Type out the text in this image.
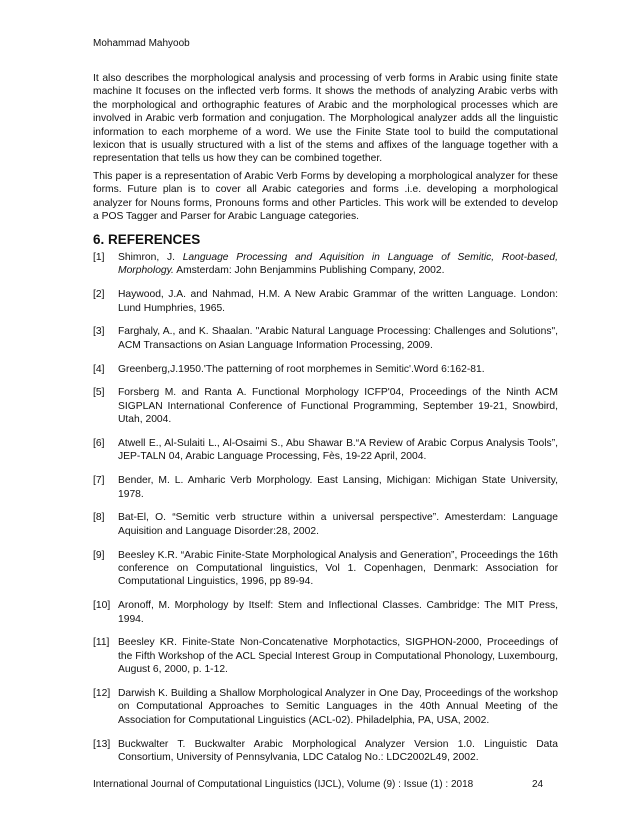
Mohammad Mahyoob
It also describes the morphological analysis and processing of verb forms in Arabic using finite state machine It focuses on the inflected verb forms. It shows the methods of analyzing Arabic verbs with the morphological and orthographic features of Arabic and the morphological processes which are involved in Arabic verb formation and conjugation. The Morphological analyzer adds all the linguistic information to each morpheme of a word. We use the Finite State tool to build the computational lexicon that is usually structured with a list of the stems and affixes of the language together with a representation that tells us how they can be combined together.
This paper is a representation of Arabic Verb Forms by developing a morphological analyzer for these forms. Future plan is to cover all Arabic categories and forms .i.e. developing a morphological analyzer for Nouns forms, Pronouns forms and other Particles. This work will be extended to develop a POS Tagger and Parser for Arabic Language categories.
6. REFERENCES
[1]	Shimron, J. Language Processing and Aquisition in Language of Semitic, Root-based, Morphology. Amsterdam: John Benjammins Publishing Company, 2002.
[2]	Haywood, J.A. and Nahmad, H.M. A New Arabic Grammar of the written Language. London: Lund Humphries, 1965.
[3]	Farghaly, A., and K. Shaalan. "Arabic Natural Language Processing: Challenges and Solutions", ACM Transactions on Asian Language Information Processing, 2009.
[4]	Greenberg,J.1950.'The patterning of root morphemes in Semitic'.Word 6:162-81.
[5]	Forsberg M. and Ranta A. Functional Morphology ICFP'04, Proceedings of the Ninth ACM SIGPLAN International Conference of Functional Programming, September 19-21, Snowbird, Utah, 2004.
[6]	Atwell E., Al-Sulaiti L., Al-Osaimi S., Abu Shawar B.“A Review of Arabic Corpus Analysis Tools”, JEP-TALN 04, Arabic Language Processing, Fès, 19-22 April, 2004.
[7]	Bender, M. L. Amharic Verb Morphology. East Lansing, Michigan: Michigan State University, 1978.
[8]	Bat-El, O. “Semitic verb structure within a universal perspective”. Amesterdam: Language Aquisition and Language Disorder:28, 2002.
[9]	Beesley K.R. “Arabic Finite-State Morphological Analysis and Generation”, Proceedings the 16th conference on Computational linguistics, Vol 1. Copenhagen, Denmark: Association for Computational Linguistics, 1996, pp 89-94.
[10] Aronoff, M. Morphology by Itself: Stem and Inflectional Classes. Cambridge: The MIT Press, 1994.
[11] Beesley KR. Finite-State Non-Concatenative Morphotactics, SIGPHON-2000, Proceedings of the Fifth Workshop of the ACL Special Interest Group in Computational Phonology, Luxembourg, August 6, 2000, p. 1-12.
[12] Darwish K. Building a Shallow Morphological Analyzer in One Day, Proceedings of the workshop on Computational Approaches to Semitic Languages in the 40th Annual Meeting of the Association for Computational Linguistics (ACL-02). Philadelphia, PA, USA, 2002.
[13] Buckwalter T. Buckwalter Arabic Morphological Analyzer Version 1.0. Linguistic Data Consortium, University of Pennsylvania, LDC Catalog No.: LDC2002L49, 2002.
International Journal of Computational Linguistics (IJCL), Volume (9) : Issue (1) : 2018	24
